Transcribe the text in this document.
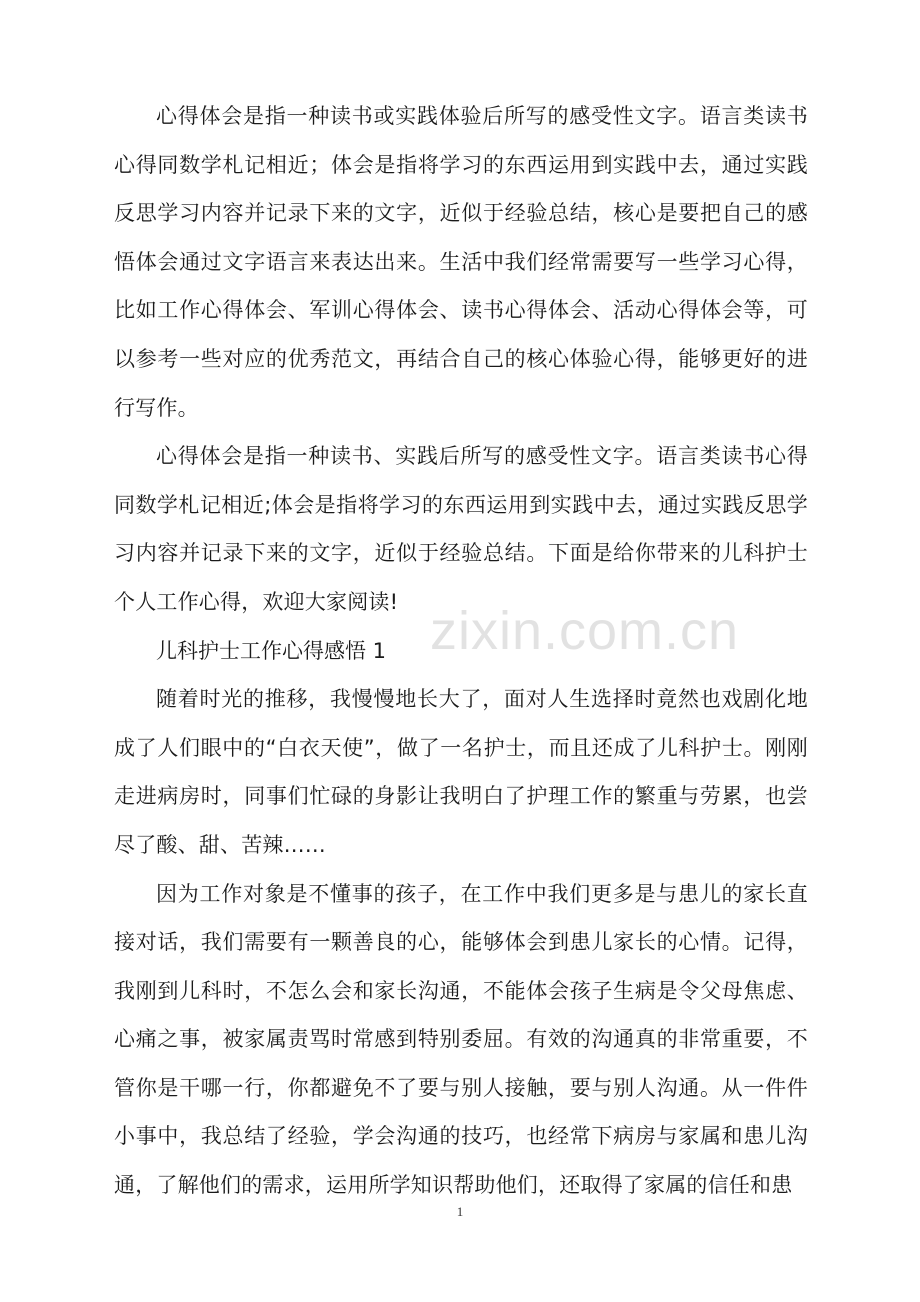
心得体会是指一种读书或实践体验后所写的感受性文字。语言类读书心得同数学札记相近；体会是指将学习的东西运用到实践中去，通过实践反思学习内容并记录下来的文字，近似于经验总结，核心是要把自己的感悟体会通过文字语言来表达出来。生活中我们经常需要写一些学习心得，比如工作心得体会、军训心得体会、读书心得体会、活动心得体会等，可以参考一些对应的优秀范文，再结合自己的核心体验心得，能够更好的进行写作。

心得体会是指一种读书、实践后所写的感受性文字。语言类读书心得同数学札记相近;体会是指将学习的东西运用到实践中去，通过实践反思学习内容并记录下来的文字，近似于经验总结。下面是给你带来的儿科护士个人工作心得，欢迎大家阅读!

儿科护士工作心得感悟 1

随着时光的推移，我慢慢地长大了，面对人生选择时竟然也戏剧化地成了人们眼中的“白衣天使”，做了一名护士，而且还成了儿科护士。刚刚走进病房时，同事们忙碌的身影让我明白了护理工作的繁重与劳累，也尝尽了酸、甜、苦辣……

因为工作对象是不懂事的孩子，在工作中我们更多是与患儿的家长直接对话，我们需要有一颗善良的心，能够体会到患儿家长的心情。记得，我刚到儿科时，不怎么会和家长沟通，不能体会孩子生病是令父母焦虑、心痛之事，被家属责骂时常感到特别委屈。有效的沟通真的非常重要，不管你是干哪一行，你都避免不了要与别人接触，要与别人沟通。从一件件小事中，我总结了经验，学会沟通的技巧，也经常下病房与家属和患儿沟通，了解他们的需求，运用所学知识帮助他们，还取得了家属的信任和患

zixin.com.cn
1
